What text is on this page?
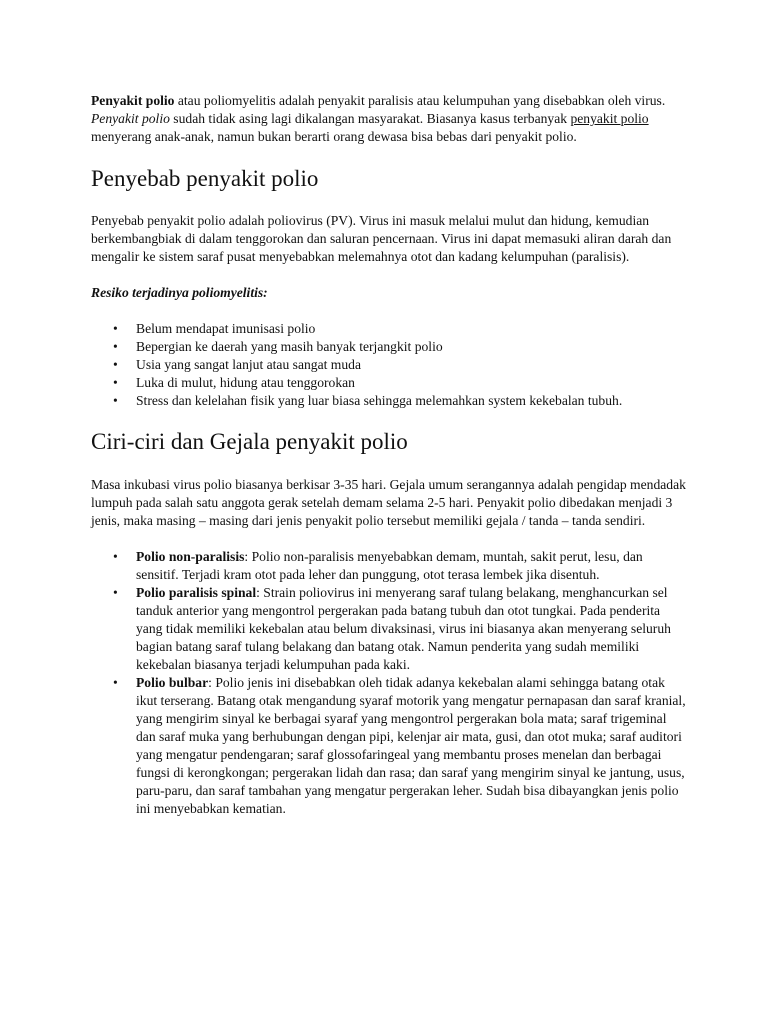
Penyakit polio atau poliomyelitis adalah penyakit paralisis atau kelumpuhan yang disebabkan oleh virus. Penyakit polio sudah tidak asing lagi dikalangan masyarakat. Biasanya kasus terbanyak penyakit polio menyerang anak-anak, namun bukan berarti orang dewasa bisa bebas dari penyakit polio.

Penyebab penyakit polio

Penyebab penyakit polio adalah poliovirus (PV). Virus ini masuk melalui mulut dan hidung, kemudian berkembangbiak di dalam tenggorokan dan saluran pencernaan. Virus ini dapat memasuki aliran darah dan mengalir ke sistem saraf pusat menyebabkan melemahnya otot dan kadang kelumpuhan (paralisis).

Resiko terjadinya poliomyelitis:

• Belum mendapat imunisasi polio
• Bepergian ke daerah yang masih banyak terjangkit polio
• Usia yang sangat lanjut atau sangat muda
• Luka di mulut, hidung atau tenggorokan
• Stress dan kelelahan fisik yang luar biasa sehingga melemahkan system kekebalan tubuh.
Ciri-ciri dan Gejala penyakit polio

Masa inkubasi virus polio biasanya berkisar 3-35 hari. Gejala umum serangannya adalah pengidap mendadak lumpuh pada salah satu anggota gerak setelah demam selama 2-5 hari. Penyakit polio dibedakan menjadi 3 jenis, maka masing – masing dari jenis penyakit polio tersebut memiliki gejala / tanda – tanda sendiri.

• Polio non-paralisis: Polio non-paralisis menyebabkan demam, muntah, sakit perut, lesu, dan sensitif. Terjadi kram otot pada leher dan punggung, otot terasa lembek jika disentuh.
• Polio paralisis spinal: Strain poliovirus ini menyerang saraf tulang belakang, menghancurkan sel tanduk anterior yang mengontrol pergerakan pada batang tubuh dan otot tungkai. Pada penderita yang tidak memiliki kekebalan atau belum divaksinasi, virus ini biasanya akan menyerang seluruh bagian batang saraf tulang belakang dan batang otak. Namun penderita yang sudah memiliki kekebalan biasanya terjadi kelumpuhan pada kaki.
• Polio bulbar: Polio jenis ini disebabkan oleh tidak adanya kekebalan alami sehingga batang otak ikut terserang. Batang otak mengandung syaraf motorik yang mengatur pernapasan dan saraf kranial, yang mengirim sinyal ke berbagai syaraf yang mengontrol pergerakan bola mata; saraf trigeminal dan saraf muka yang berhubungan dengan pipi, kelenjar air mata, gusi, dan otot muka; saraf auditori yang mengatur pendengaran; saraf glossofaringeal yang membantu proses menelan dan berbagai fungsi di kerongkongan; pergerakan lidah dan rasa; dan saraf yang mengirim sinyal ke jantung, usus, paru-paru, dan saraf tambahan yang mengatur pergerakan leher. Sudah bisa dibayangkan jenis polio ini menyebabkan kematian.
